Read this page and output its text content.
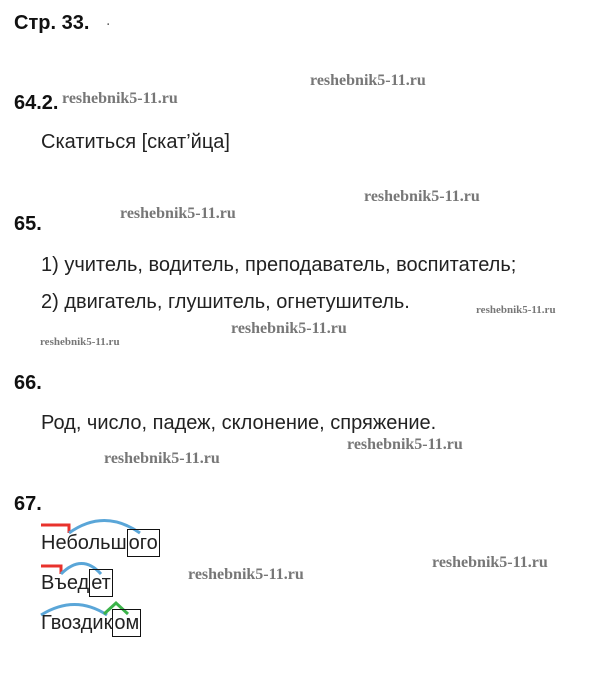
Стр. 33. .
reshebnik5-11.ru
reshebnik5-11.ru
reshebnik5-11.ru
reshebnik5-11.ru
reshebnik5-11.ru
reshebnik5-11.ru
reshebnik5-11.ru
reshebnik5-11.ru
reshebnik5-11.ru
reshebnik5-11.ru
reshebnik5-11.ru
64.2.
Скатиться [скат’йца]
65.
1) учитель, водитель, преподаватель, воспитатель;
2) двигатель, глушитель, огнетушитель.
66.
Род, число, падеж, склонение, спряжение.
67.
Небольш ого
Въед ет
Гвоздик ом
